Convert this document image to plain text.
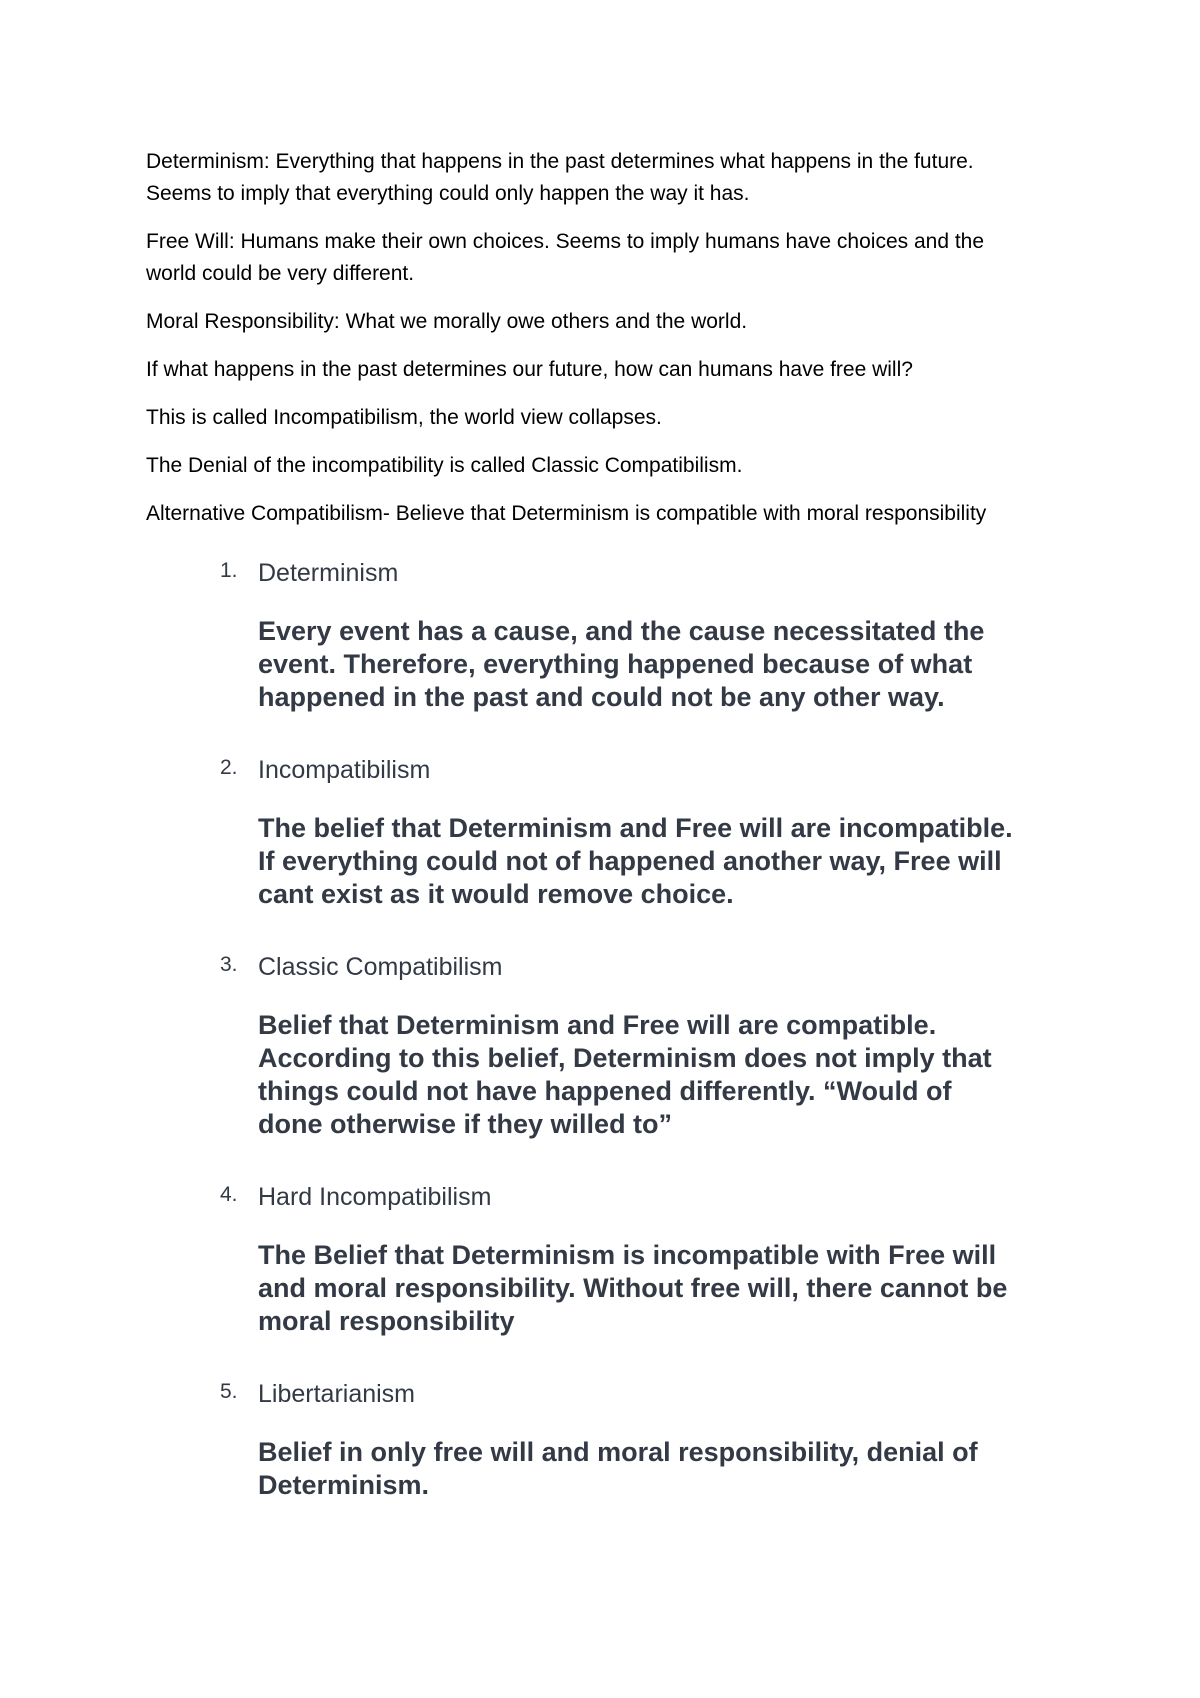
Determinism: Everything that happens in the past determines what happens in the future.
Seems to imply that everything could only happen the way it has.

Free Will: Humans make their own choices. Seems to imply humans have choices and the
world could be very different.

Moral Responsibility: What we morally owe others and the world.

If what happens in the past determines our future, how can humans have free will?

This is called Incompatibilism, the world view collapses.

The Denial of the incompatibility is called Classic Compatibilism.

Alternative Compatibilism- Believe that Determinism is compatible with moral responsibility

1. Determinism
Every event has a cause, and the cause necessitated the
event. Therefore, everything happened because of what
happened in the past and could not be any other way.
2. Incompatibilism
The belief that Determinism and Free will are incompatible.
If everything could not of happened another way, Free will
cant exist as it would remove choice.
3. Classic Compatibilism
Belief that Determinism and Free will are compatible.
According to this belief, Determinism does not imply that
things could not have happened differently. “Would of
done otherwise if they willed to”
4. Hard Incompatibilism
The Belief that Determinism is incompatible with Free will
and moral responsibility. Without free will, there cannot be
moral responsibility
5. Libertarianism
Belief in only free will and moral responsibility, denial of
Determinism.
